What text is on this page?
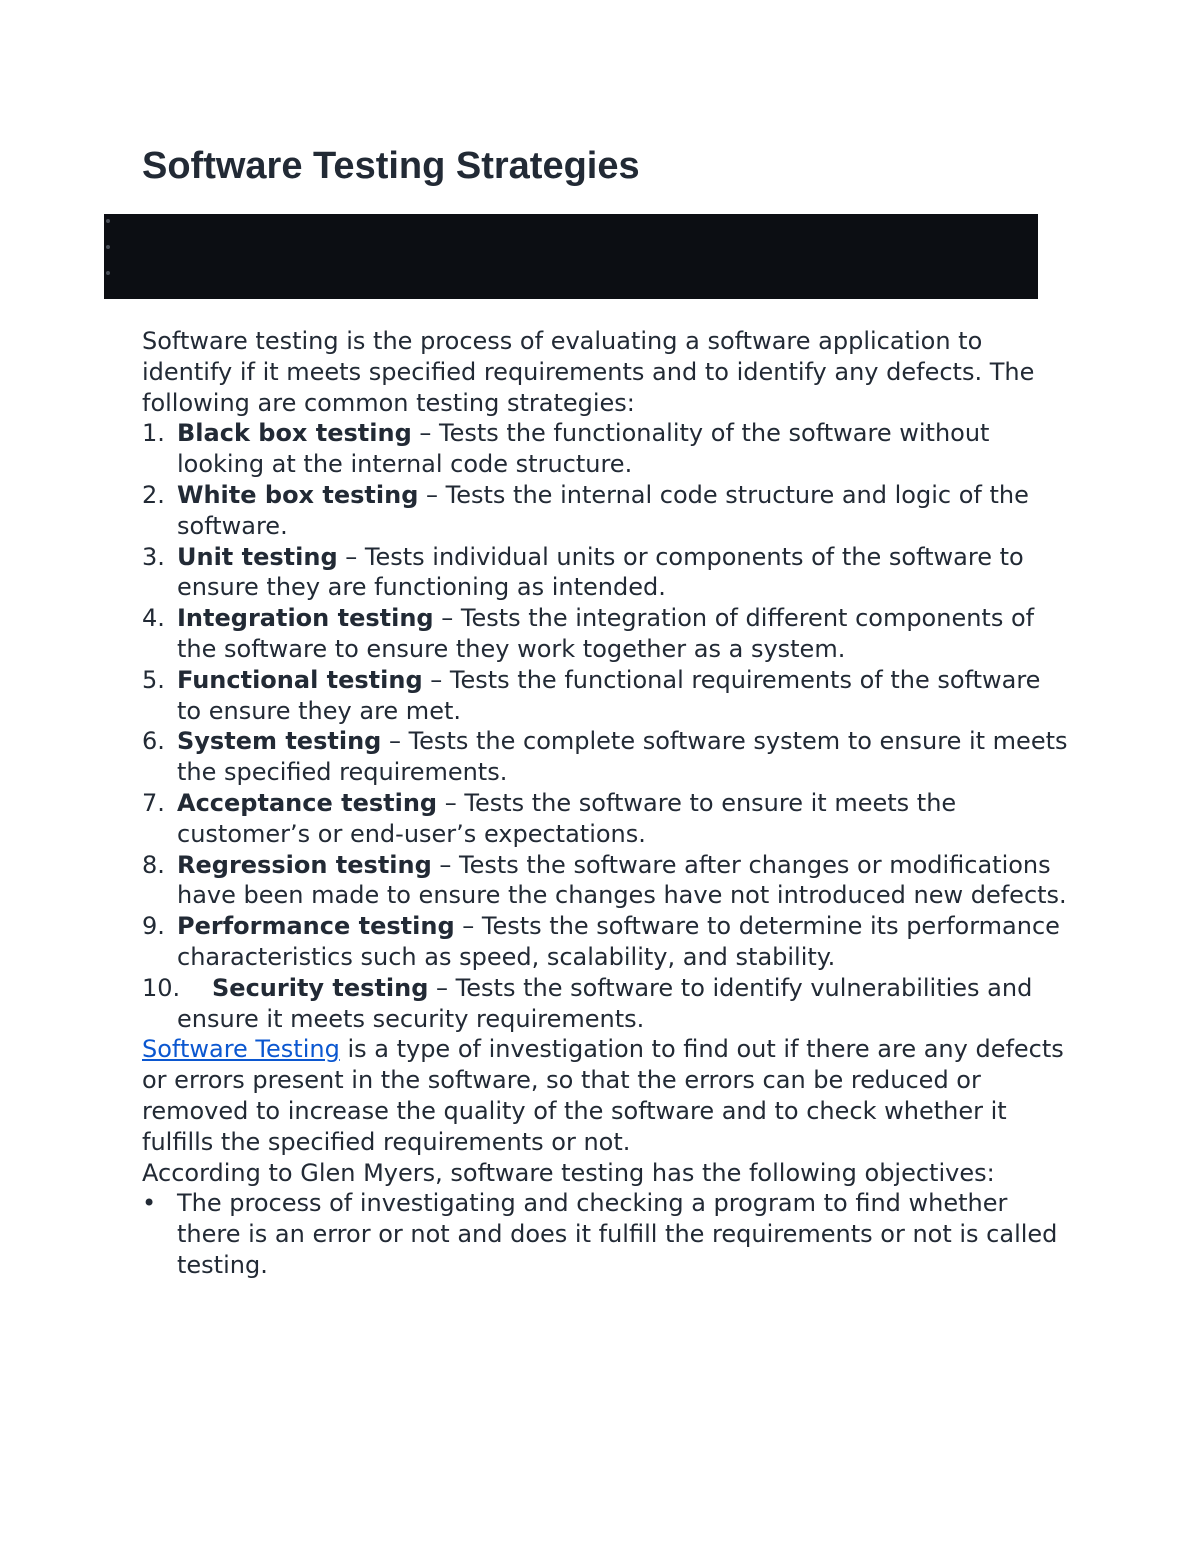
Software Testing Strategies

Software testing is the process of evaluating a software application to identify if it meets specified requirements and to identify any defects. The following are common testing strategies:

1. Black box testing – Tests the functionality of the software without looking at the internal code structure.
2. White box testing – Tests the internal code structure and logic of the software.
3. Unit testing – Tests individual units or components of the software to ensure they are functioning as intended.
4. Integration testing – Tests the integration of different components of the software to ensure they work together as a system.
5. Functional testing – Tests the functional requirements of the software to ensure they are met.
6. System testing – Tests the complete software system to ensure it meets the specified requirements.
7. Acceptance testing – Tests the software to ensure it meets the customer’s or end-user’s expectations.
8. Regression testing – Tests the software after changes or modifications have been made to ensure the changes have not introduced new defects.
9. Performance testing – Tests the software to determine its performance characteristics such as speed, scalability, and stability.
10.	Security testing – Tests the software to identify vulnerabilities and ensure it meets security requirements.

Software Testing is a type of investigation to find out if there are any defects or errors present in the software, so that the errors can be reduced or removed to increase the quality of the software and to check whether it fulfills the specified requirements or not.

According to Glen Myers, software testing has the following objectives:

• The process of investigating and checking a program to find whether there is an error or not and does it fulfill the requirements or not is called testing.
